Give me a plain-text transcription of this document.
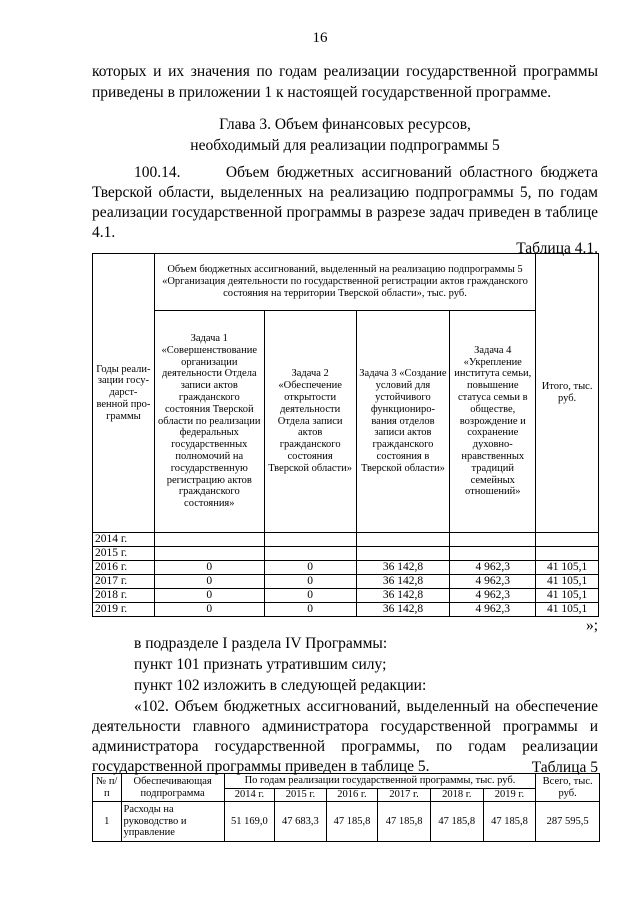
16
которых и их значения по годам реализации государственной программы
приведены в приложении 1 к настоящей государственной программе.
Глава 3. Объем финансовых ресурсов,
необходимый для реализации подпрограммы 5
100.14.      Объем бюджетных ассигнований областного бюджета Тверской области, выделенных на реализацию подпрограммы 5, по годам реализации государственной программы в разрезе задач приведен в таблице 4.1.
Таблица 4.1.
Годы реали-зации госу-дарст-венной про-граммы	Объем бюджетных ассигнований, выделенный на реализацию подпрограммы 5 «Организация деятельности по государственной регистрации актов гражданского состояния на территории Тверской области», тыс. руб.				Итого, тыс. руб.
	Задача 1 «Совершенствование организации деятельности Отдела записи актов гражданского состояния Тверской области по реализации федеральных государственных полномочий на государственную регистрацию актов гражданского состояния»	Задача 2 «Обеспечение открытости деятельности Отдела записи актов гражданского состояния Тверской области»	Задача 3 «Создание условий для устойчивого функциониро-вания отделов записи актов гражданского состояния в Тверской области»	Задача 4 «Укрепление института семьи, повышение статуса семьи в обществе, возрождение и сохранение духовно-нравственных традиций семейных отношений»	
2014 г.					
2015 г.					
2016 г.	0	0	36 142,8	4 962,3	41 105,1
2017 г.	0	0	36 142,8	4 962,3	41 105,1
2018 г.	0	0	36 142,8	4 962,3	41 105,1
2019 г.	0	0	36 142,8	4 962,3	41 105,1
»;
в подразделе I раздела IV Программы:
пункт 101 признать утратившим силу;
пункт 102 изложить в следующей редакции:
«102. Объем бюджетных ассигнований, выделенный на обеспечение деятельности главного администратора государственной программы и администратора государственной программы, по годам реализации государственной программы приведен в таблице 5.	Таблица 5
№ п/п	Обеспечивающая подпрограмма	По годам реализации государственной программы, тыс. руб.						Всего, тыс. руб.
		2014 г.	2015 г.	2016 г.	2017 г.	2018 г.	2019 г.	
1	Расходы на руководство и управление	51 169,0	47 683,3	47 185,8	47 185,8	47 185,8	47 185,8	287 595,5
